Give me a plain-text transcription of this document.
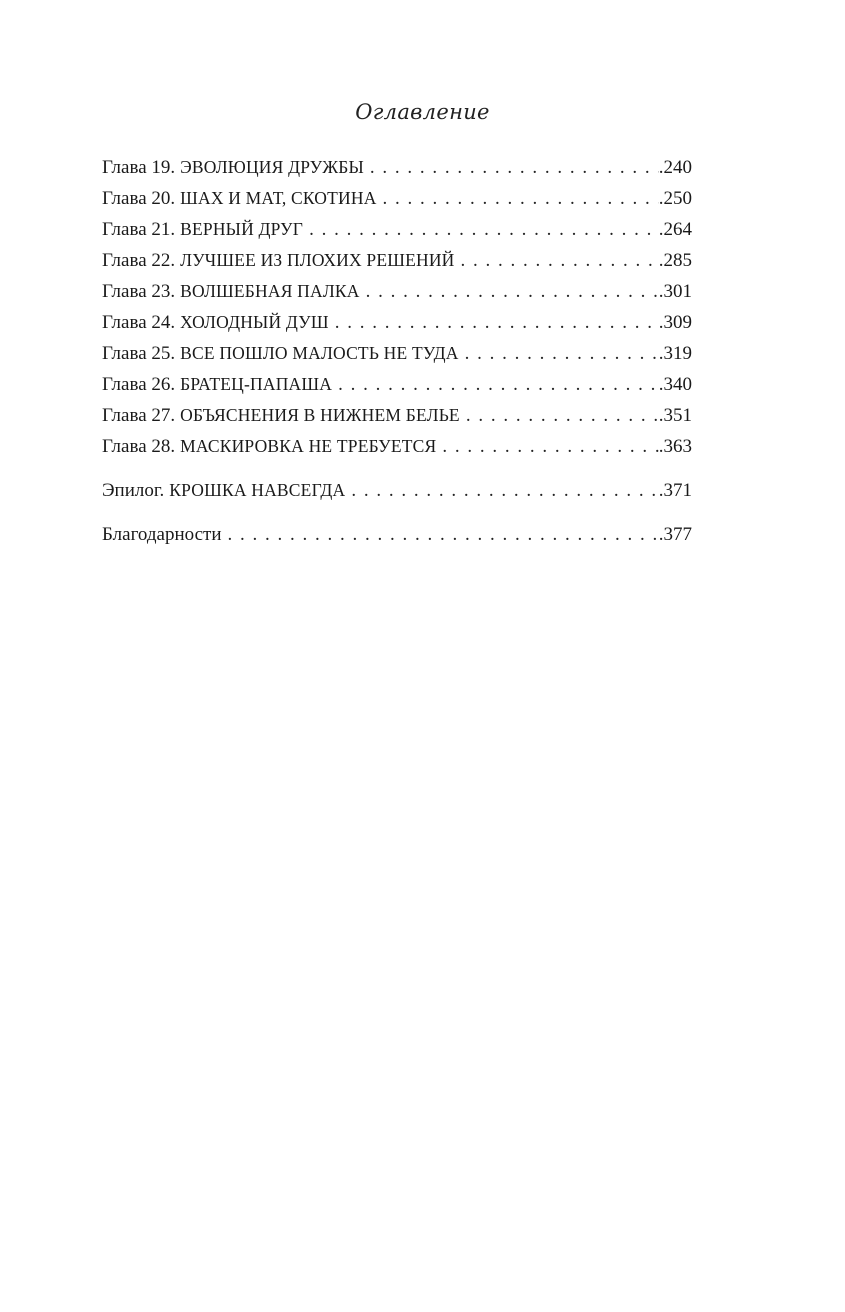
Оглавление
Глава 19. ЭВОЛЮЦИЯ ДРУЖБЫ . . .	.240
Глава 20. ШАХ И МАТ, СКОТИНА . . .	.250
Глава 21. ВЕРНЫЙ ДРУГ . . .	.264
Глава 22. ЛУЧШЕЕ ИЗ ПЛОХИХ РЕШЕНИЙ . . .	.285
Глава 23. ВОЛШЕБНАЯ ПАЛКА . . .	.301
Глава 24. ХОЛОДНЫЙ ДУШ . . .	.309
Глава 25. ВСЕ ПОШЛО МАЛОСТЬ НЕ ТУДА . . .	.319
Глава 26. БРАТЕЦ-ПАПАША . . .	.340
Глава 27. ОБЪЯСНЕНИЯ В НИЖНЕМ БЕЛЬЕ . . .	.351
Глава 28. МАСКИРОВКА НЕ ТРЕБУЕТСЯ . . .	.363
Эпилог. КРОШКА НАВСЕГДА . . .	.371
Благодарности . . .	.377
